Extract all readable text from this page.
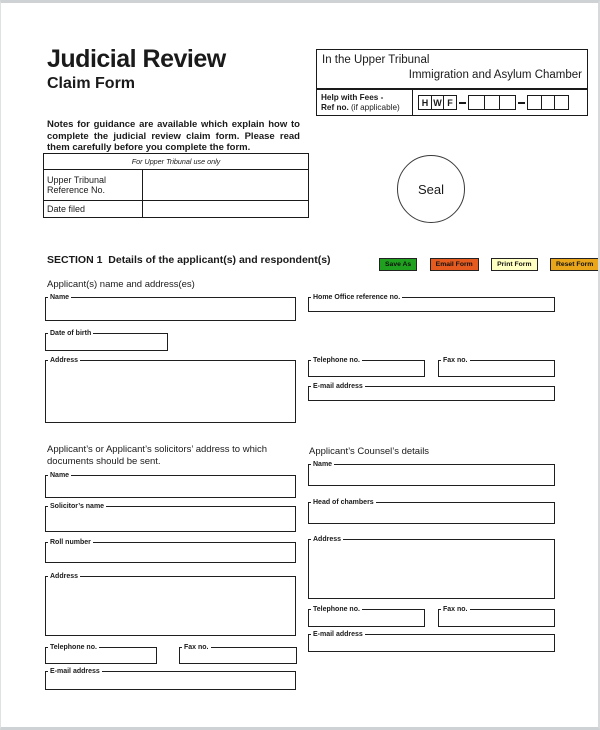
Judicial Review
Claim Form
Notes for guidance are available which explain how to complete the judicial review claim form. Please read them carefully before you complete the form.
In the Upper Tribunal
Immigration and Asylum Chamber
Help with Fees -
Ref no. (if applicable)	H W F
For Upper Tribunal use only	
Upper Tribunal Reference No.	
Date filed	
Seal
SECTION 1 Details of the applicant(s) and respondent(s)	Save As	Email Form	Print Form	Reset Form
Applicant(s) name and address(es)
Name
Date of birth
Address
Home Office reference no.
Telephone no.	Fax no.
E-mail address
Applicant’s or Applicant’s solicitors’ address to which documents should be sent.
Name
Solicitor’s name
Roll number
Address
Telephone no.	Fax no.
E-mail address
Applicant’s Counsel’s details
Name
Head of chambers
Address
Telephone no.	Fax no.
E-mail address
